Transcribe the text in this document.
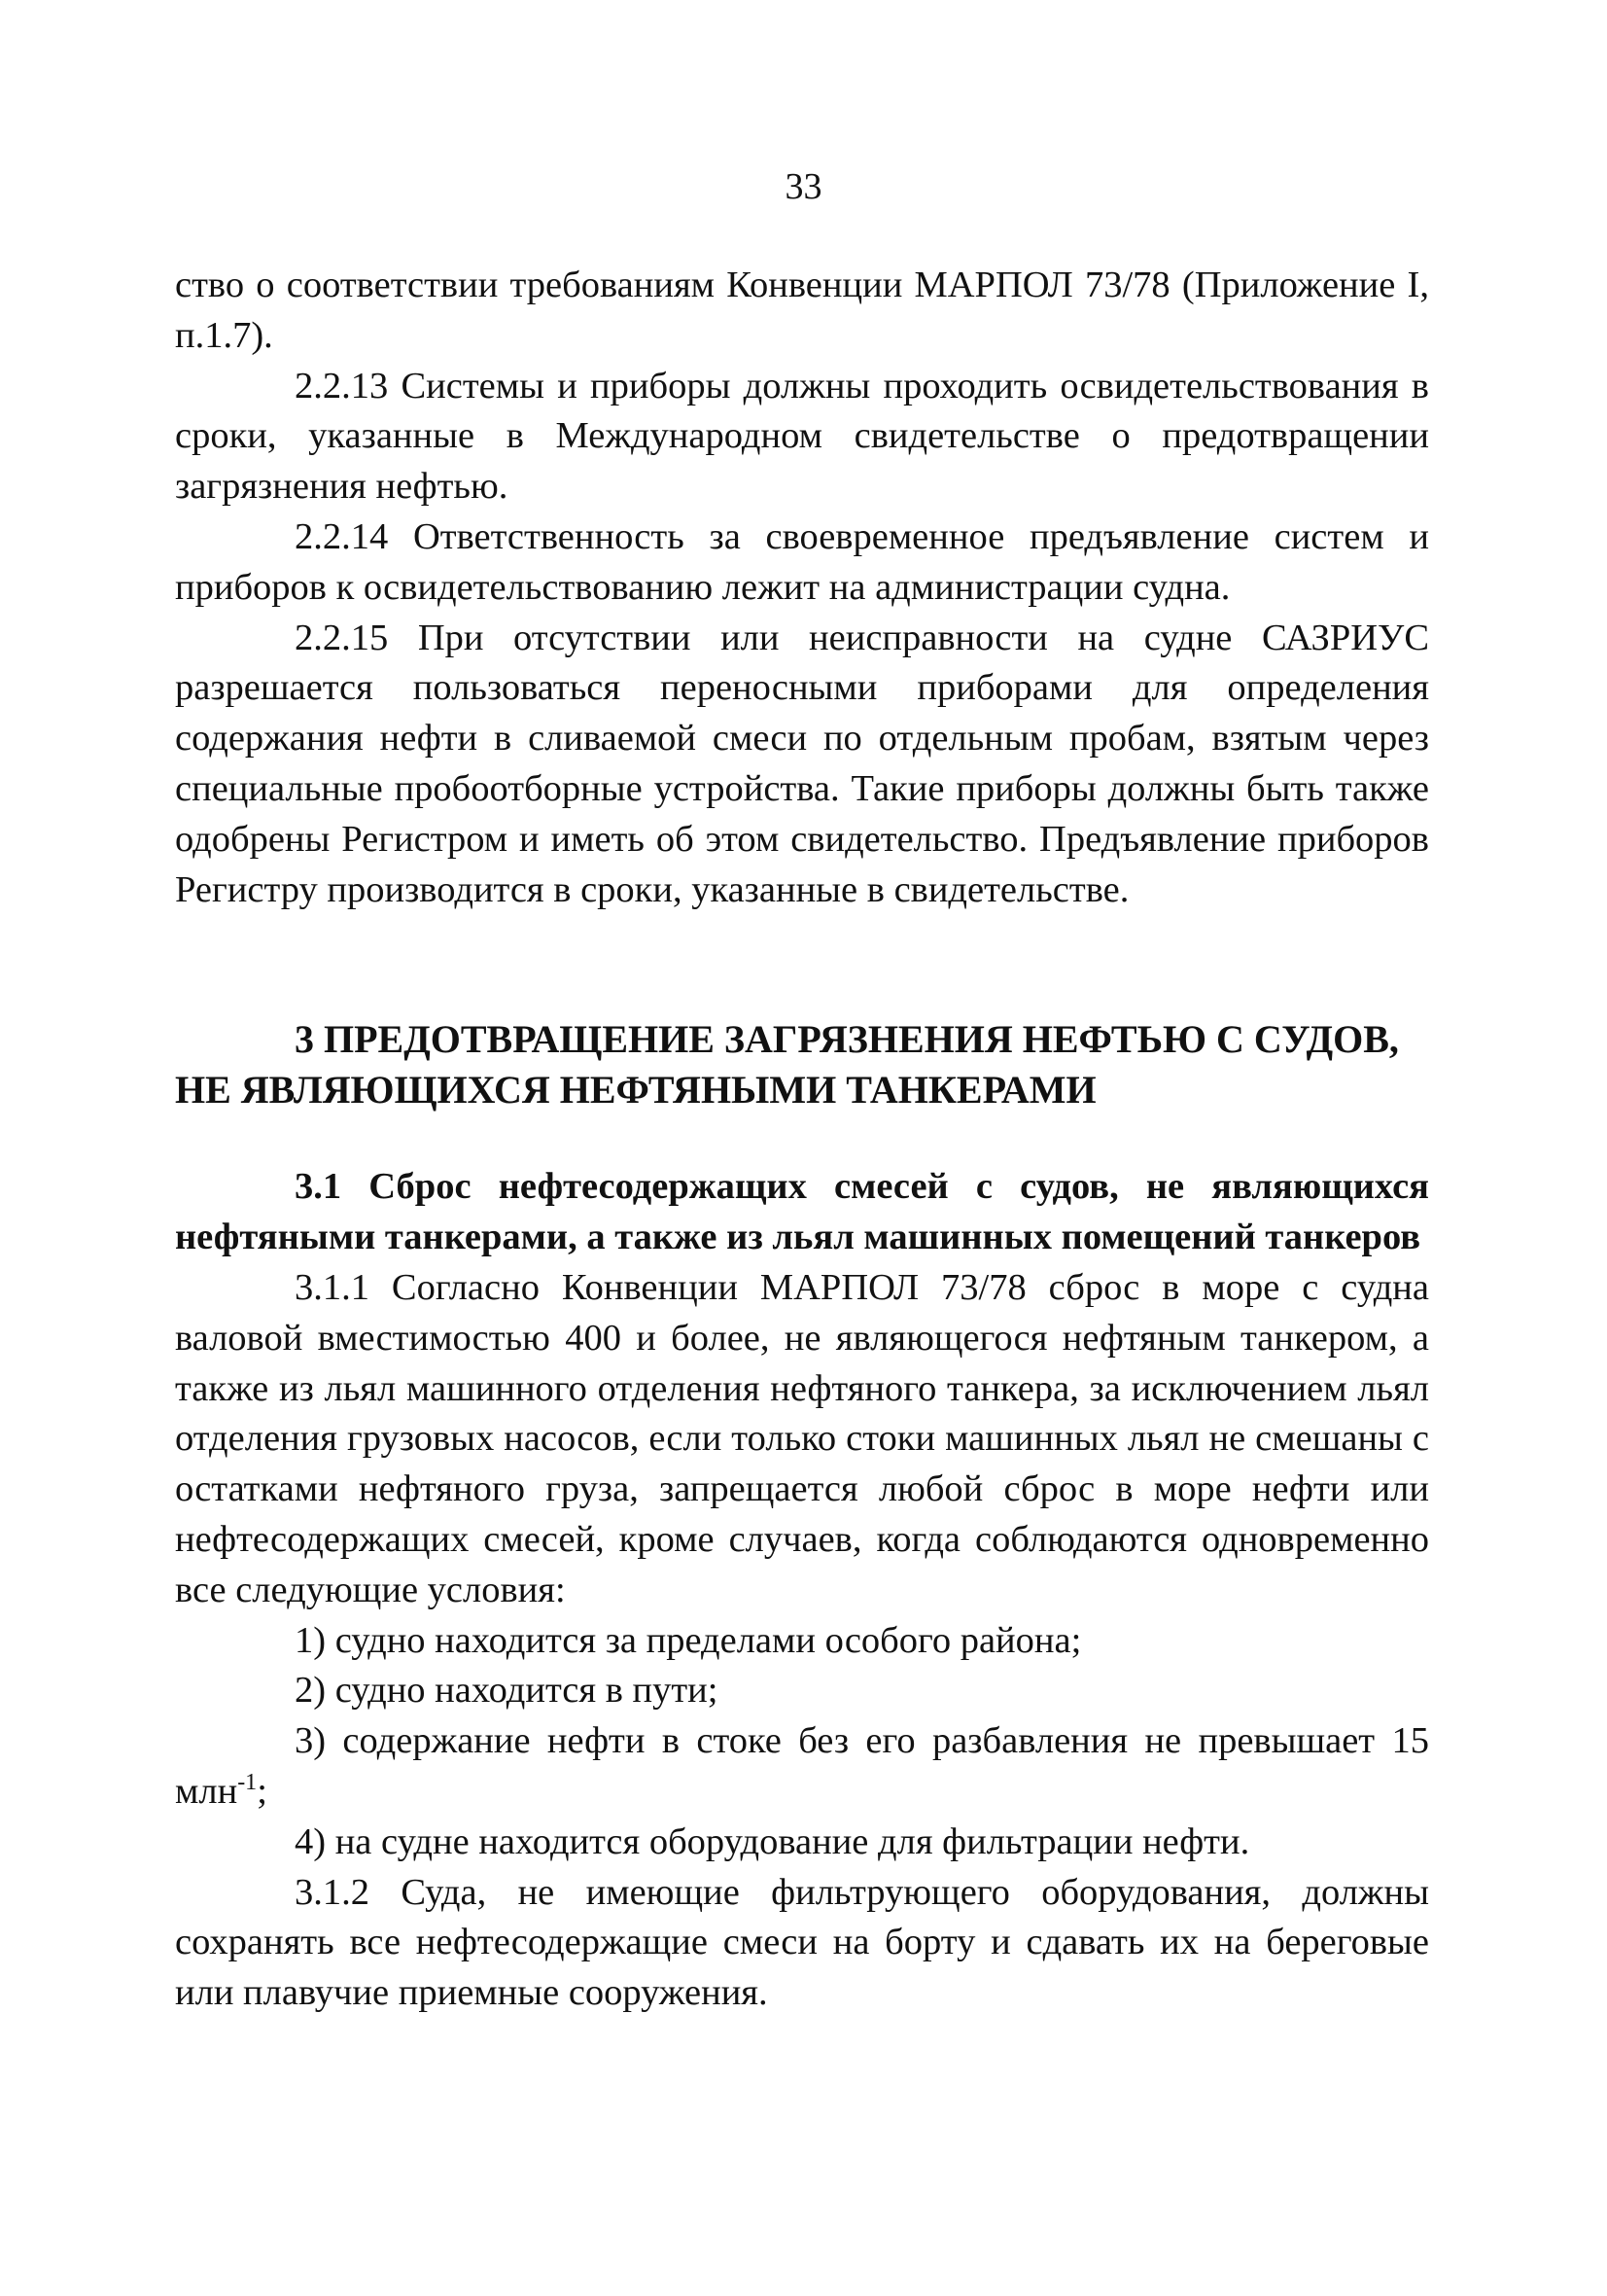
33

ство о соответствии требованиям Конвенции МАРПОЛ 73/78 (Приложение I, п.1.7).

2.2.13 Системы и приборы должны проходить освидетельствования в сроки, указанные в Международном свидетельстве о предотвращении загрязнения нефтью.

2.2.14 Ответственность за своевременное предъявление систем и приборов к освидетельствованию лежит на администрации судна.

2.2.15 При отсутствии или неисправности на судне САЗРИУС разрешается пользоваться переносными приборами для определения содержания нефти в сливаемой смеси по отдельным пробам, взятым через специальные пробоотборные устройства. Такие приборы должны быть также одобрены Регистром и иметь об этом свидетельство. Предъявление приборов Регистру производится в сроки, указанные в свидетельстве.

3 ПРЕДОТВРАЩЕНИЕ ЗАГРЯЗНЕНИЯ НЕФТЬЮ С СУДОВ,
НЕ ЯВЛЯЮЩИХСЯ НЕФТЯНЫМИ ТАНКЕРАМИ
3.1 Сброс нефтесодержащих смесей с судов, не являющихся нефтяными танкерами, а также из льял машинных помещений танкеров

3.1.1 Согласно Конвенции МАРПОЛ 73/78 сброс в море с судна валовой вместимостью 400 и более, не являющегося нефтяным танкером, а также из льял машинного отделения нефтяного танкера, за исключением льял отделения грузовых насосов, если только стоки машинных льял не смешаны с остатками нефтяного груза, запрещается любой сброс в море нефти или нефтесодержащих смесей, кроме случаев, когда соблюдаются одновременно все следующие условия:

1) судно находится за пределами особого района;

2) судно находится в пути;

3) содержание нефти в стоке без его разбавления не превышает 15 млн$^{-1}$;

4) на судне находится оборудование для фильтрации нефти.

3.1.2 Суда, не имеющие фильтрующего оборудования, должны сохранять все нефтесодержащие смеси на борту и сдавать их на береговые или плавучие приемные сооружения.
